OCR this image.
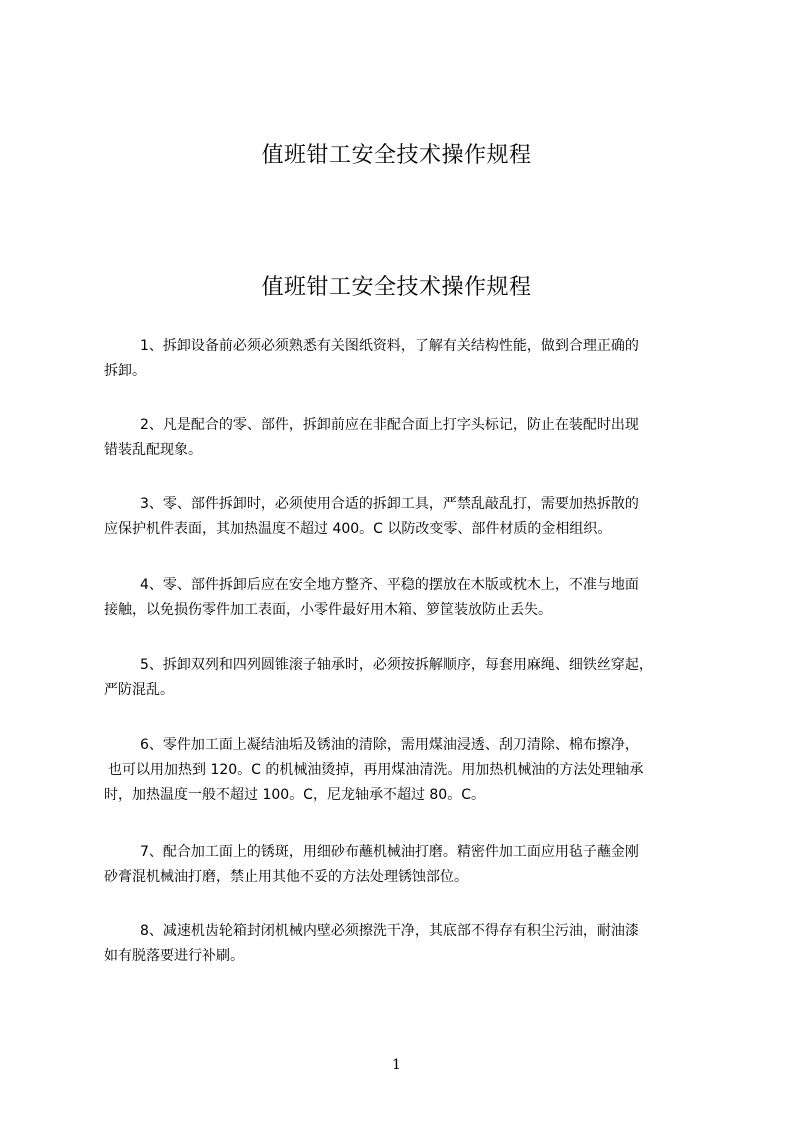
值班钳工安全技术操作规程
值班钳工安全技术操作规程
1、拆卸设备前必须必须熟悉有关图纸资料，了解有关结构性能，做到合理正确的
拆卸。
2、凡是配合的零、部件，拆卸前应在非配合面上打字头标记，防止在装配时出现
错装乱配现象。
3、零、部件拆卸时，必须使用合适的拆卸工具，严禁乱敲乱打，需要加热拆散的
应保护机件表面，其加热温度不超过 400。C 以防改变零、部件材质的金相组织。
4、零、部件拆卸后应在安全地方整齐、平稳的摆放在木版或枕木上，不准与地面
接触，以免损伤零件加工表面，小零件最好用木箱、箩筐装放防止丢失。
5、拆卸双列和四列圆锥滚子轴承时，必须按拆解顺序，每套用麻绳、细铁丝穿起，
严防混乱。
6、零件加工面上凝结油垢及锈油的清除，需用煤油浸透、刮刀清除、棉布擦净，
也可以用加热到 120。C 的机械油烫掉，再用煤油清洗。用加热机械油的方法处理轴承
时，加热温度一般不超过 100。C，尼龙轴承不超过 80。C。
7、配合加工面上的锈斑，用细砂布蘸机械油打磨。精密件加工面应用毡子蘸金刚
砂膏混机械油打磨，禁止用其他不妥的方法处理锈蚀部位。
8、减速机齿轮箱封闭机械内壁必须擦洗干净，其底部不得存有积尘污油，耐油漆
如有脱落要进行补刷。
1
